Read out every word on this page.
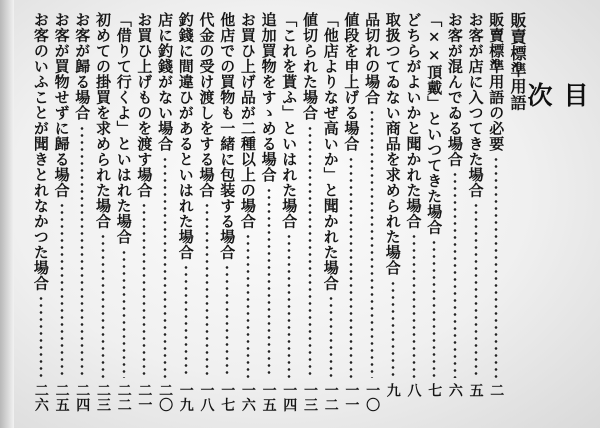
目次
販賣標準用語
販賣標準用語の必要
二
お客が店に入つてきた場合
五
お客が混んでゐる場合
六
「××頂戴」といつてきた場合
七
どちらがよいかと聞かれた場合
八
取扱つてゐない商品を求められた場合
九
品切れの場合
一〇
値段を申上げる場合
一一
「他店よりなぜ高いか」と聞かれた場合
一二
値切られた場合
一三
「これを貰ふ」といはれた場合
一四
追加買物をすゝめる場合
一五
お買ひ上げ品が二種以上の場合
一六
他店での買物も一緒に包装する場合
一七
代金の受け渡しをする場合
一八
釣錢に間違ひがあるといはれた場合
一九
店に釣錢がない場合
二〇
お買ひ上げものを渡す場合
二一
「借りて行くよ」といはれた場合
二二
初めての掛買を求められた場合
二三
お客が歸る場合
二四
お客が買物せずに歸る場合
二五
お客のいふことが聞きとれなかつた場合
二六
